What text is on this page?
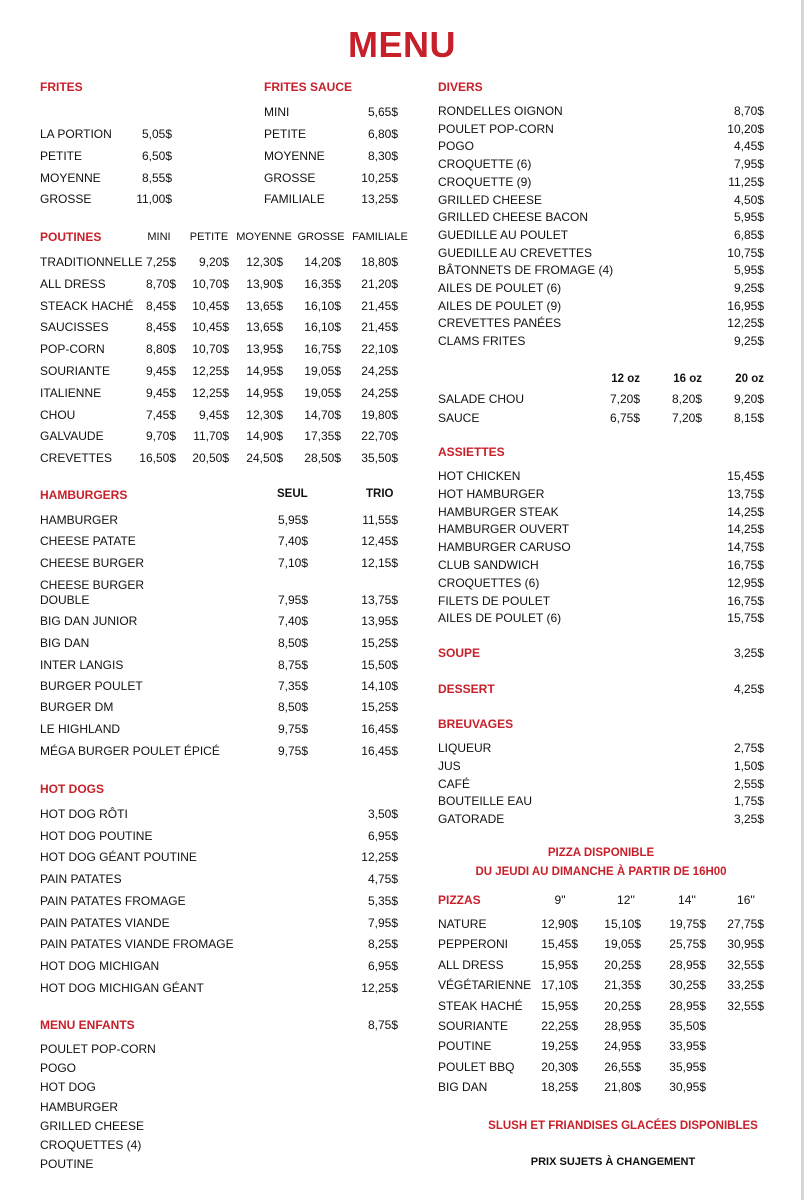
MENU
FRITES
LA PORTION	5,05$
PETITE	6,50$
MOYENNE	8,55$
GROSSE	11,00$
FRITES SAUCE
MINI	5,65$
PETITE	6,80$
MOYENNE	8,30$
GROSSE	10,25$
FAMILIALE	13,25$
POUTINES	MINI	PETITE MOYENNE GROSSE FAMILIALE
TRADITIONNELLE 7,25$	9,20$	12,30$	14,20$	18,80$
ALL DRESS	8,70$	10,70$	13,90$	16,35$	21,20$
STEACK HACHÉ	8,45$	10,45$	13,65$	16,10$	21,45$
SAUCISSES	8,45$	10,45$	13,65$	16,10$	21,45$
POP-CORN	8,80$	10,70$	13,95$	16,75$	22,10$
SOURIANTE	9,45$	12,25$	14,95$	19,05$	24,25$
ITALIENNE	9,45$	12,25$	14,95$	19,05$	24,25$
CHOU	7,45$	9,45$	12,30$	14,70$	19,80$
GALVAUDE	9,70$	11,70$	14,90$	17,35$	22,70$
CREVETTES	16,50$	20,50$	24,50$	28,50$	35,50$
HAMBURGERS	SEUL	TRIO
HAMBURGER	5,95$	11,55$
CHEESE PATATE	7,40$	12,45$
CHEESE BURGER	7,10$	12,15$
CHEESE BURGER
DOUBLE	7,95$	13,75$
BIG DAN JUNIOR	7,40$	13,95$
BIG DAN	8,50$	15,25$
INTER LANGIS	8,75$	15,50$
BURGER POULET	7,35$	14,10$
BURGER DM	8,50$	15,25$
LE HIGHLAND	9,75$	16,45$
MÉGA BURGER POULET ÉPICÉ	9,75$	16,45$
HOT DOGS
HOT DOG RÔTI	3,50$
HOT DOG POUTINE	6,95$
HOT DOG GÉANT POUTINE	12,25$
PAIN PATATES	4,75$
PAIN PATATES FROMAGE	5,35$
PAIN PATATES VIANDE	7,95$
PAIN PATATES VIANDE FROMAGE	8,25$
HOT DOG MICHIGAN	6,95$
HOT DOG MICHIGAN GÉANT	12,25$
MENU ENFANTS	8,75$
POULET POP-CORN
POGO
HOT DOG
HAMBURGER
GRILLED CHEESE
CROQUETTES (4)
POUTINE
DIVERS
RONDELLES OIGNON	8,70$
POULET POP-CORN	10,20$
POGO	4,45$
CROQUETTE (6)	7,95$
CROQUETTE (9)	11,25$
GRILLED CHEESE	4,50$
GRILLED CHEESE BACON	5,95$
GUEDILLE AU POULET	6,85$
GUEDILLE AU CREVETTES	10,75$
BÂTONNETS DE FROMAGE (4)	5,95$
AILES DE POULET (6)	9,25$
AILES DE POULET (9)	16,95$
CREVETTES PANÉES	12,25$
CLAMS FRITES	9,25$
12 oz	16 oz	20 oz
SALADE CHOU	7,20$	8,20$	9,20$
SAUCE	6,75$	7,20$	8,15$
ASSIETTES
HOT CHICKEN	15,45$
HOT HAMBURGER	13,75$
HAMBURGER STEAK	14,25$
HAMBURGER OUVERT	14,25$
HAMBURGER CARUSO	14,75$
CLUB SANDWICH	16,75$
CROQUETTES (6)	12,95$
FILETS DE POULET	16,75$
AILES DE POULET (6)	15,75$
SOUPE	3,25$
DESSERT	4,25$
BREUVAGES
LIQUEUR	2,75$
JUS	1,50$
CAFÉ	2,55$
BOUTEILLE EAU	1,75$
GATORADE	3,25$
PIZZA DISPONIBLE
DU JEUDI AU DIMANCHE À PARTIR DE 16H00
PIZZAS	9"	12''	14''	16''
NATURE	12,90$	15,10$	19,75$	27,75$
PEPPERONI	15,45$	19,05$	25,75$	30,95$
ALL DRESS	15,95$	20,25$	28,95$	32,55$
VÉGÉTARIENNE 17,10$	21,35$	30,25$	33,25$
STEAK HACHÉ	15,95$	20,25$	28,95$	32,55$
SOURIANTE	22,25$	28,95$	35,50$
POUTINE	19,25$	24,95$	33,95$
POULET BBQ	20,30$	26,55$	35,95$
BIG DAN	18,25$	21,80$	30,95$
SLUSH ET FRIANDISES GLACÉES DISPONIBLES
PRIX SUJETS À CHANGEMENT
